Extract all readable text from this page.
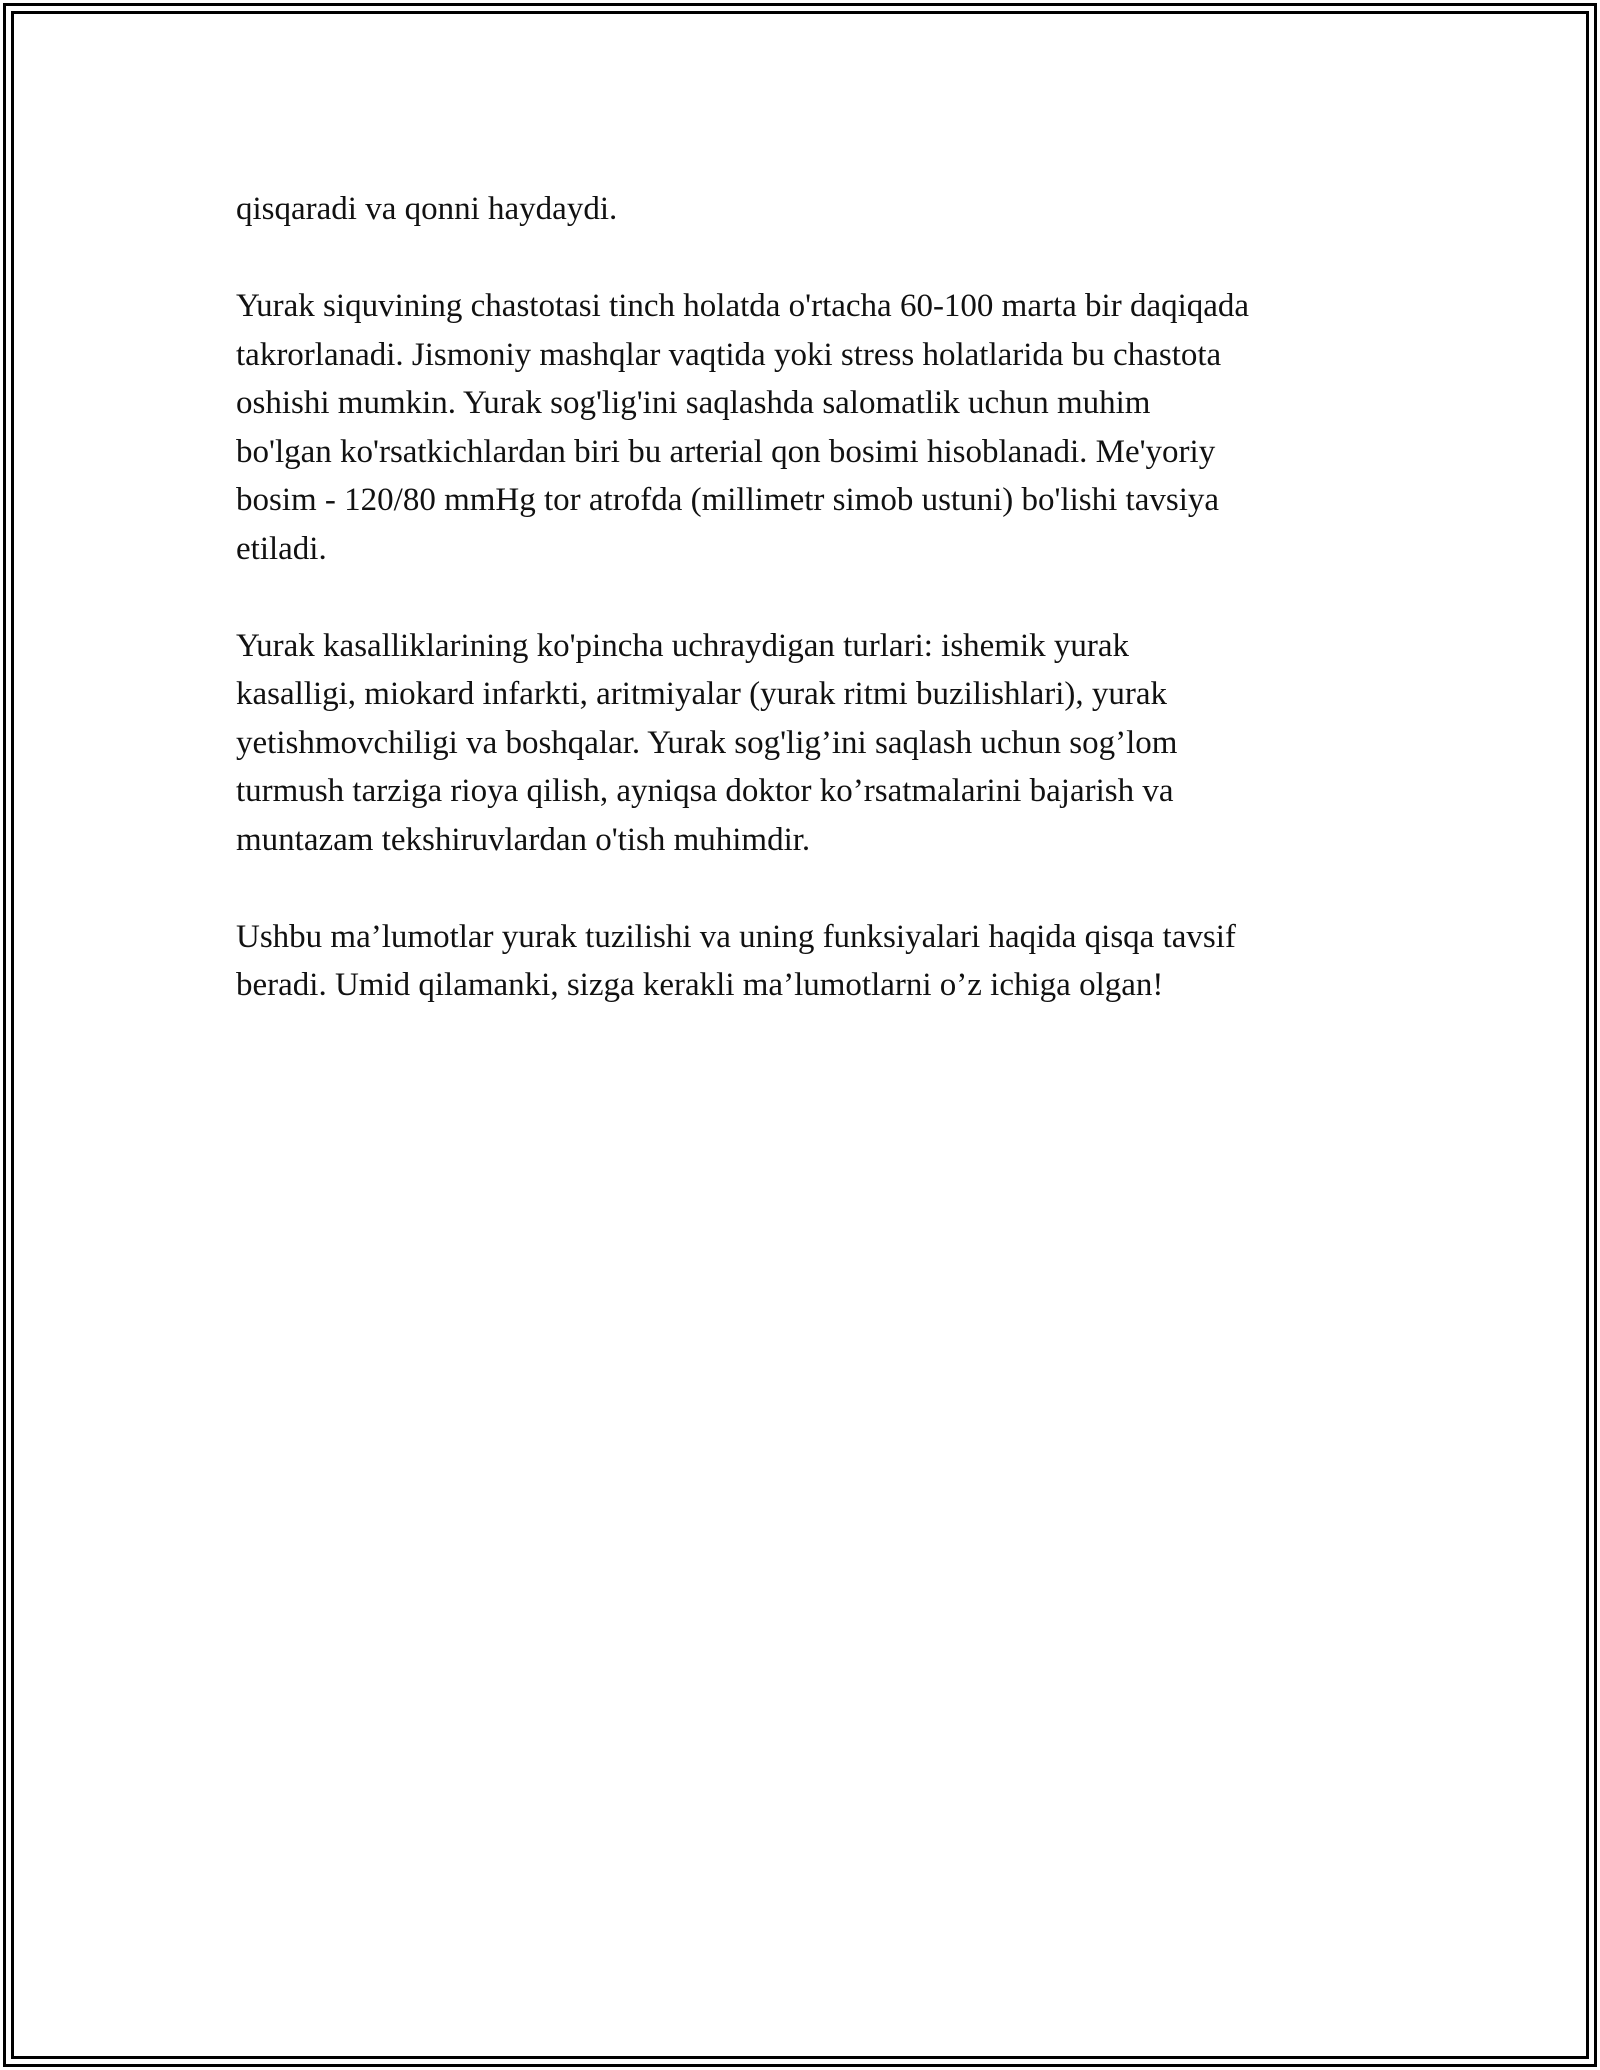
qisqaradi va qonni haydaydi.

Yurak siquvining chastotasi tinch holatda o'rtacha 60-100 marta bir daqiqada
takrorlanadi. Jismoniy mashqlar vaqtida yoki stress holatlarida bu chastota
oshishi mumkin. Yurak sog'lig'ini saqlashda salomatlik uchun muhim
bo'lgan ko'rsatkichlardan biri bu arterial qon bosimi hisoblanadi. Me'yoriy
bosim - 120/80 mmHg tor atrofda (millimetr simob ustuni) bo'lishi tavsiya
etiladi.

Yurak kasalliklarining ko'pincha uchraydigan turlari: ishemik yurak
kasalligi, miokard infarkti, aritmiyalar (yurak ritmi buzilishlari), yurak
yetishmovchiligi va boshqalar. Yurak sog'lig’ini saqlash uchun sog’lom
turmush tarziga rioya qilish, ayniqsa doktor ko’rsatmalarini bajarish va
muntazam tekshiruvlardan o'tish muhimdir.

Ushbu ma’lumotlar yurak tuzilishi va uning funksiyalari haqida qisqa tavsif
beradi. Umid qilamanki, sizga kerakli ma’lumotlarni o’z ichiga olgan!
